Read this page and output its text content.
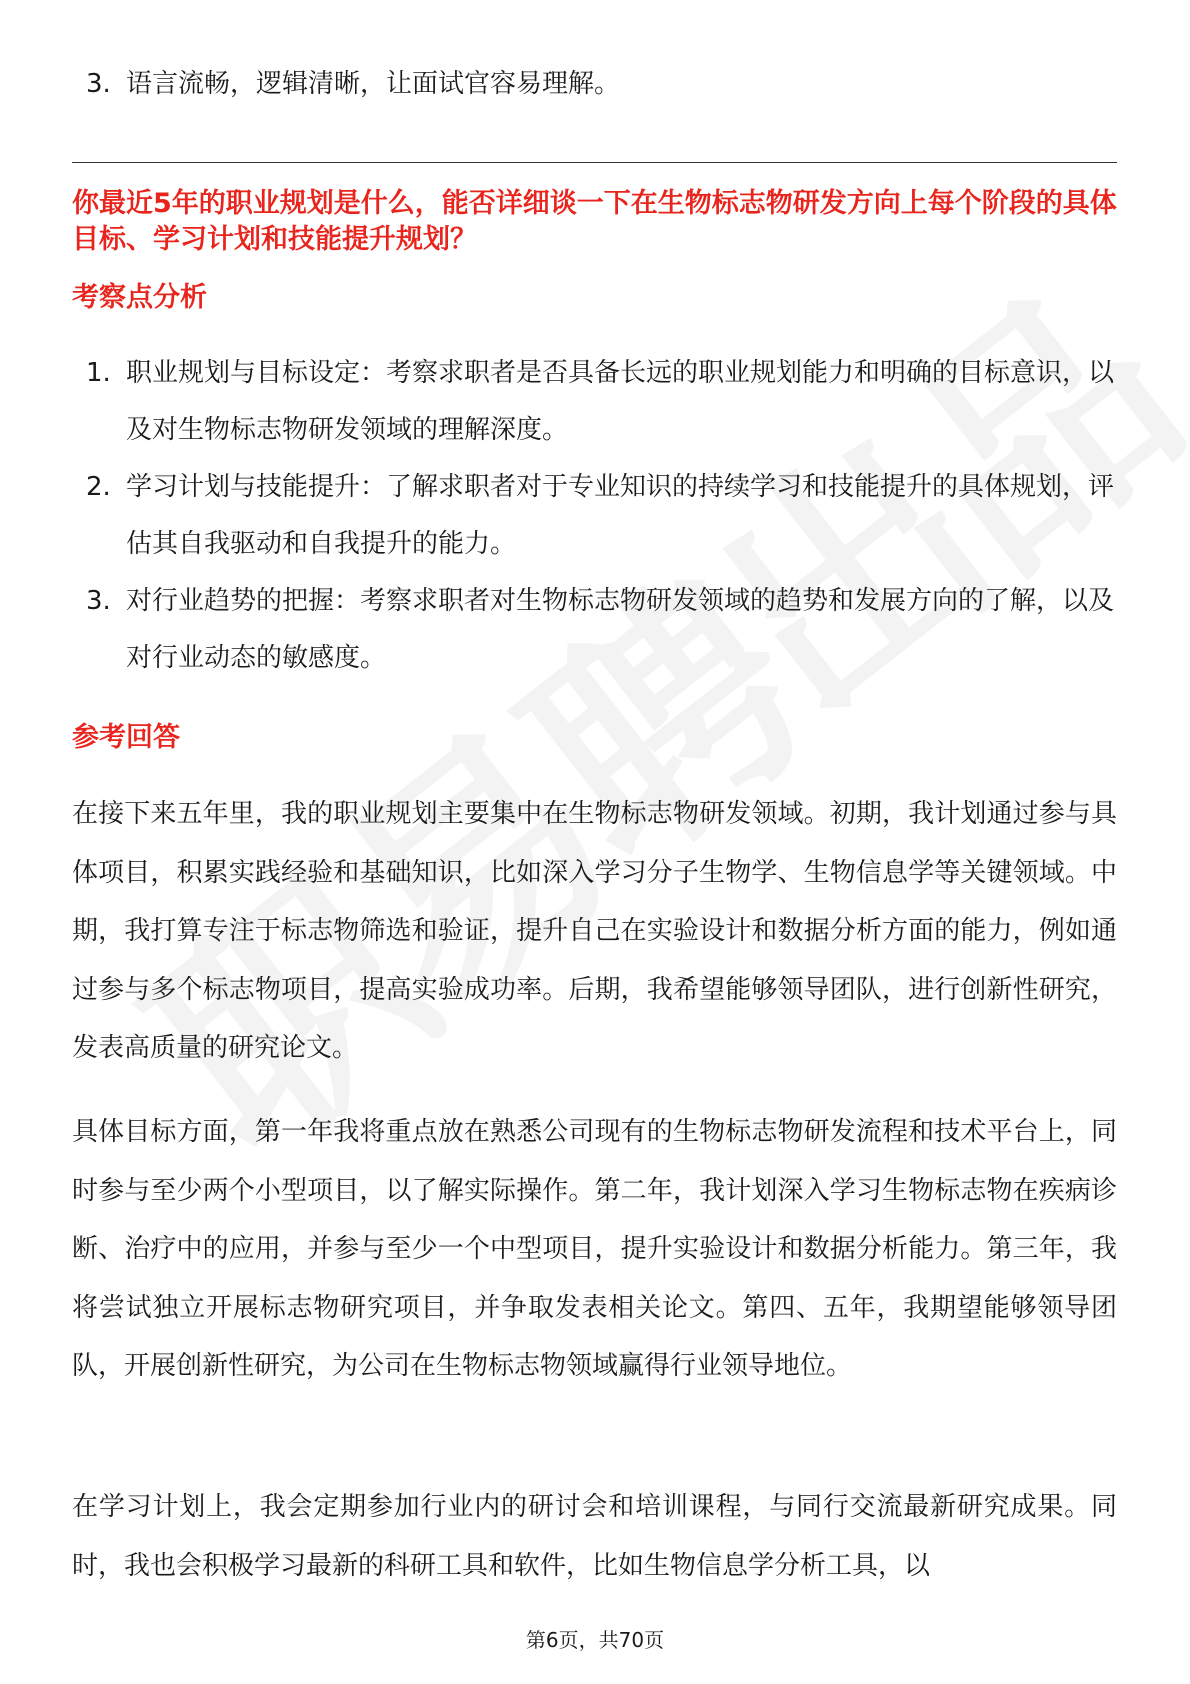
3. 语言流畅，逻辑清晰，让面试官容易理解。
你最近5年的职业规划是什么，能否详细谈一下在生物标志物研发方向上每个阶段的具体目标、学习计划和技能提升规划？
考察点分析
1. 职业规划与目标设定：考察求职者是否具备长远的职业规划能力和明确的目标意识，以及对生物标志物研发领域的理解深度。
2. 学习计划与技能提升：了解求职者对于专业知识的持续学习和技能提升的具体规划，评估其自我驱动和自我提升的能力。
3. 对行业趋势的把握：考察求职者对生物标志物研发领域的趋势和发展方向的了解，以及对行业动态的敏感度。
参考回答
在接下来五年里，我的职业规划主要集中在生物标志物研发领域。初期，我计划通过参与具体项目，积累实践经验和基础知识，比如深入学习分子生物学、生物信息学等关键领域。中期，我打算专注于标志物筛选和验证，提升自己在实验设计和数据分析方面的能力，例如通过参与多个标志物项目，提高实验成功率。后期，我希望能够领导团队，进行创新性研究，发表高质量的研究论文。
具体目标方面，第一年我将重点放在熟悉公司现有的生物标志物研发流程和技术平台上，同时参与至少两个小型项目，以了解实际操作。第二年，我计划深入学习生物标志物在疾病诊断、治疗中的应用，并参与至少一个中型项目，提升实验设计和数据分析能力。第三年，我将尝试独立开展标志物研究项目，并争取发表相关论文。第四、五年，我期望能够领导团队，开展创新性研究，为公司在生物标志物领域赢得行业领导地位。
在学习计划上，我会定期参加行业内的研讨会和培训课程，与同行交流最新研究成果。同时，我也会积极学习最新的科研工具和软件，比如生物信息学分析工具，以
第6页，共70页
